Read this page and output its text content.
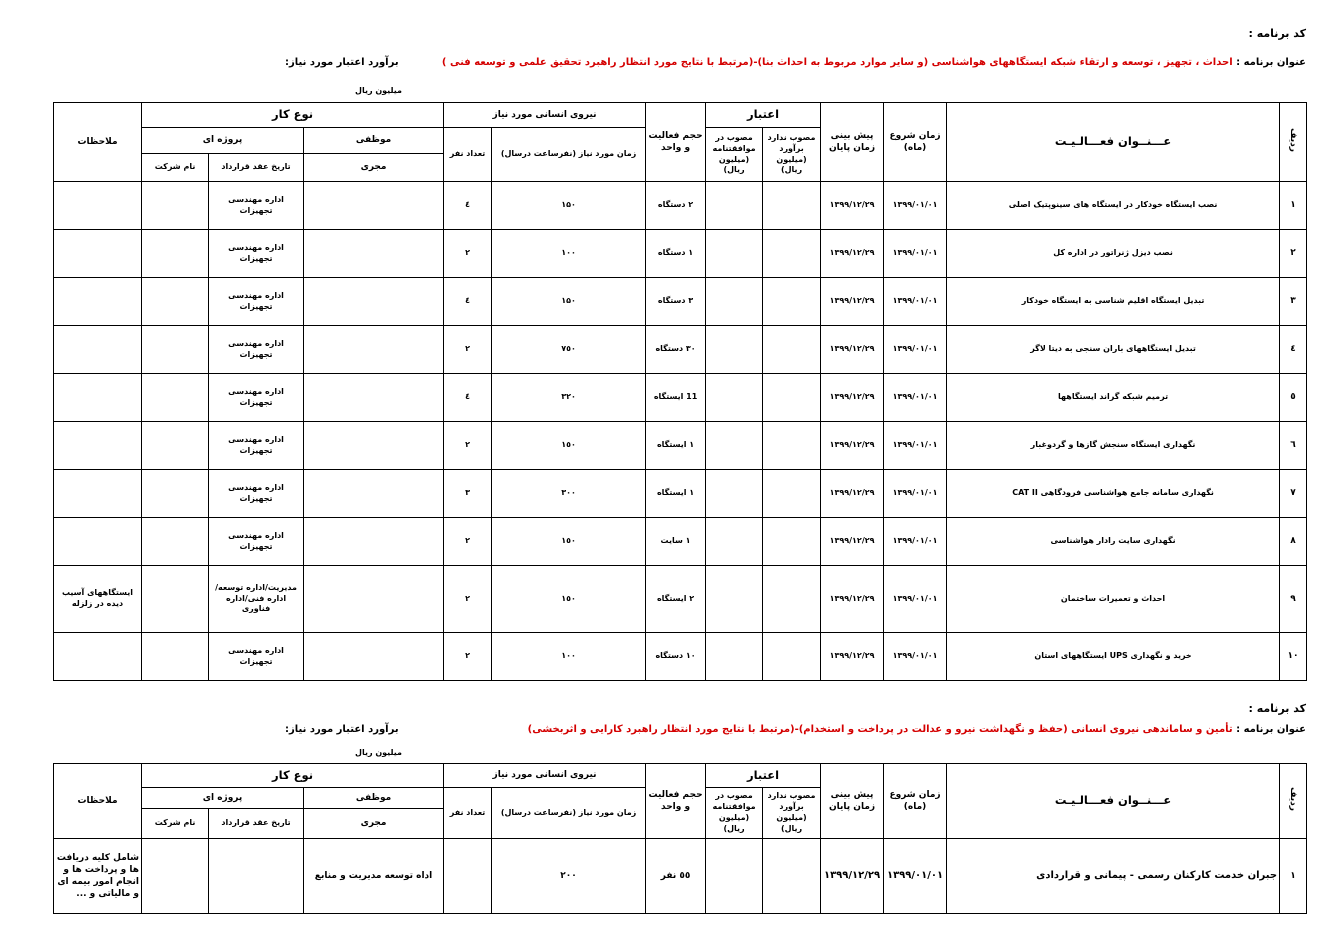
کد برنامه :
عنوان برنامه : احداث ، تجهیز ، توسعه و ارتقاء شبکه ایستگاههای هواشناسی (و سایر موارد مربوط به احداث بنا)-(مرتبط با نتایج مورد انتظار راهبرد تحقیق علمی و توسعه فنی )
برآورد اعتبار مورد نیاز:
میلیون ریال
ردیف	عـــنــوان فعـــالـیـت	زمان شروع (ماه)	پیش بینی زمان پایان	اعتبار		حجم فعالیت و واحد	نیروی انسانی مورد نیاز		نوع کار			ملاحظات
				مصوب ندارد برآورد (میلیون ریال)	مصوب در موافقتنامه (میلیون ریال)		زمان مورد نیاز (نفرساعت درسال)	تعداد نفر	موظفی	پروژه ای		
									مجری	تاریخ عقد قرارداد	نام شرکت	
۱	نصب ایستگاه خودکار در ایستگاه های سینوپتیک اصلی	۱۳۹۹/۰۱/۰۱	۱۳۹۹/۱۲/۲۹			۲ دستگاه	۱۵۰	٤		اداره مهندسی تجهیزات		
۲	نصب دیزل ژنراتور در اداره کل	۱۳۹۹/۰۱/۰۱	۱۳۹۹/۱۲/۲۹			۱ دستگاه	۱۰۰	۲		اداره مهندسی تجهیزات		
۳	تبدیل ایستگاه اقلیم شناسی به ایستگاه خودکار	۱۳۹۹/۰۱/۰۱	۱۳۹۹/۱۲/۲۹			۳ دستگاه	۱۵۰	٤		اداره مهندسی تجهیزات		
٤	تبدیل ایستگاههای باران سنجی به دیتا لاگر	۱۳۹۹/۰۱/۰۱	۱۳۹۹/۱۲/۲۹			۳۰ دستگاه	۷٥۰	۲		اداره مهندسی تجهیزات		
٥	ترمیم شبکه گراند ایستگاهها	۱۳۹۹/۰۱/۰۱	۱۳۹۹/۱۲/۲۹			11 ایستگاه	۳۲۰	٤		اداره مهندسی تجهیزات		
٦	نگهداری ایستگاه سنجش گازها و گردوغبار	۱۳۹۹/۰۱/۰۱	۱۳۹۹/۱۲/۲۹			۱ ایستگاه	۱٥۰	۲		اداره مهندسی تجهیزات		
۷	نگهداری سامانه جامع هواشناسی فرودگاهی CAT II	۱۳۹۹/۰۱/۰۱	۱۳۹۹/۱۲/۲۹			۱ ایستگاه	۳۰۰	۳		اداره مهندسی تجهیزات		
۸	نگهداری سایت رادار هواشناسی	۱۳۹۹/۰۱/۰۱	۱۳۹۹/۱۲/۲۹			۱ سایت	۱٥۰	۲		اداره مهندسی تجهیزات		
۹	احداث و تعمیرات ساختمان	۱۳۹۹/۰۱/۰۱	۱۳۹۹/۱۲/۲۹			۲ ایستگاه	۱٥۰	۲		مدیریت/اداره توسعه/ اداره فنی/اداره فناوری		ایستگاههای آسیب دیده در زلزله
۱۰	خرید و نگهداری UPS ایستگاههای استان	۱۳۹۹/۰۱/۰۱	۱۳۹۹/۱۲/۲۹			۱۰ دستگاه	۱۰۰	۲		اداره مهندسی تجهیزات		
کد برنامه :
عنوان برنامه : تأمین و ساماندهی نیروی انسانی (حفظ و نگهداشت نیرو و عدالت در پرداخت و استخدام)-(مرتبط با نتایج مورد انتظار راهبرد کارایی و اثربخشی)
برآورد اعتبار مورد نیاز:
میلیون ریال
ردیف	عـــنــوان فعـــالـیـت	زمان شروع (ماه)	پیش بینی زمان پایان	اعتبار		حجم فعالیت و واحد	نیروی انسانی مورد نیاز		نوع کار			ملاحظات
				مصوب ندارد برآورد (میلیون ریال)	مصوب در موافقتنامه (میلیون ریال)		زمان مورد نیاز (نفرساعت درسال)	تعداد نفر	موظفی	پروژه ای		
									مجری	تاریخ عقد قرارداد	نام شرکت	
۱	جبران خدمت کارکنان رسمی - پیمانی و قراردادی	۱۳۹۹/۰۱/۰۱	۱۳۹۹/۱۲/۲۹			٥٥ نفر	۲۰۰		اداه توسعه مدیریت و منابع			شامل کلیه دریافت ها و پرداخت ها و انجام امور بیمه ای و مالیاتی و ...
